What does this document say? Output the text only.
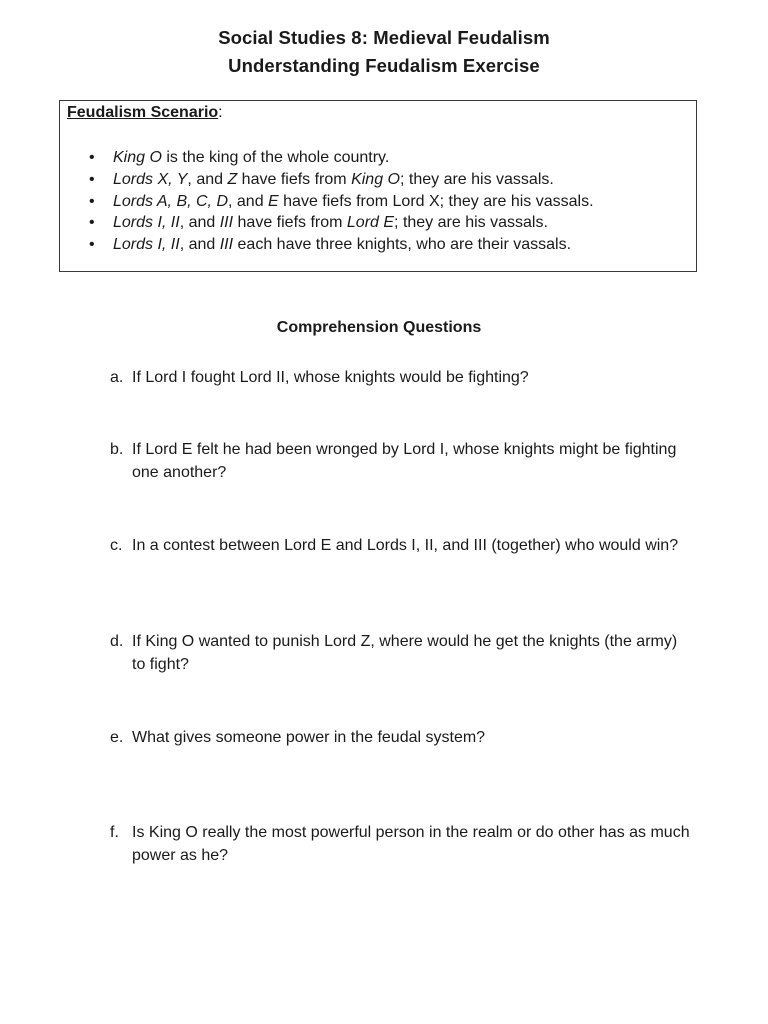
Social Studies 8: Medieval Feudalism
Understanding Feudalism Exercise
Feudalism Scenario:
• King O is the king of the whole country.
• Lords X, Y, and Z have fiefs from King O; they are his vassals.
• Lords A, B, C, D, and E have fiefs from Lord X; they are his vassals.
• Lords I, II, and III have fiefs from Lord E; they are his vassals.
• Lords I, II, and III each have three knights, who are their vassals.
Comprehension Questions
a. If Lord I fought Lord II, whose knights would be fighting?
b. If Lord E felt he had been wronged by Lord I, whose knights might be fighting one another?
c. In a contest between Lord E and Lords I, II, and III (together) who would win?
d. If King O wanted to punish Lord Z, where would he get the knights (the army) to fight?
e. What gives someone power in the feudal system?
f. Is King O really the most powerful person in the realm or do other has as much power as he?
